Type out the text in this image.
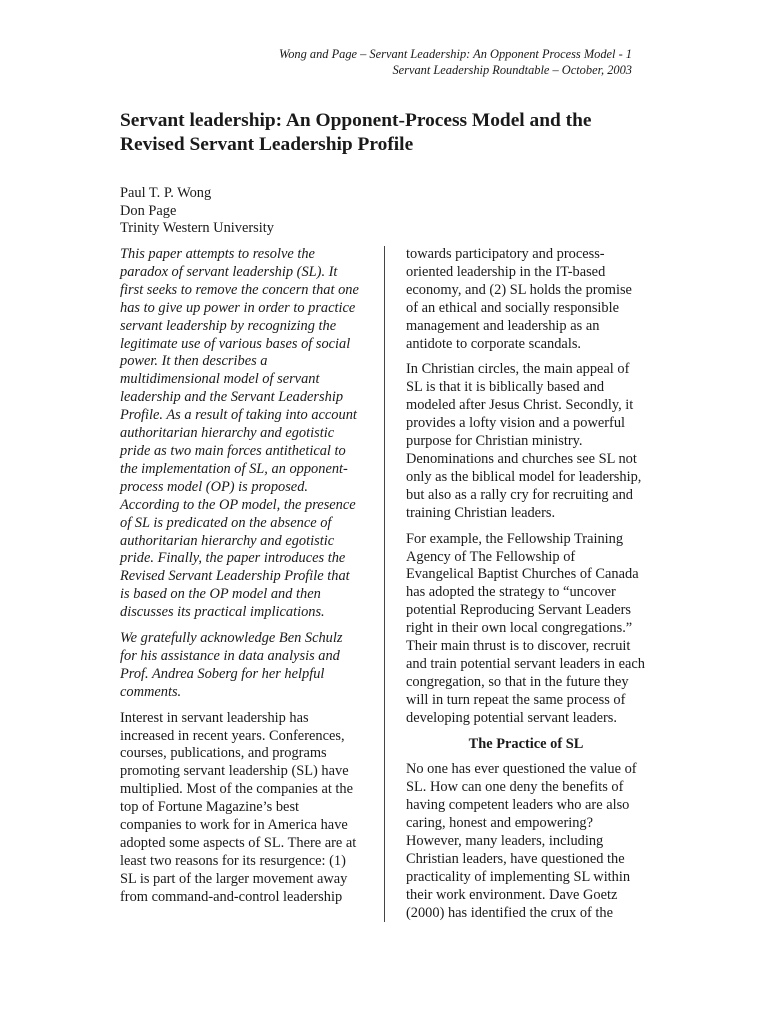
Wong and Page – Servant Leadership: An Opponent Process Model - 1
Servant Leadership Roundtable – October, 2003
Servant leadership: An Opponent-Process Model and the Revised Servant Leadership Profile
Paul T. P. Wong
Don Page
Trinity Western University

This paper attempts to resolve the paradox of servant leadership (SL). It first seeks to remove the concern that one has to give up power in order to practice servant leadership by recognizing the legitimate use of various bases of social power. It then describes a multidimensional model of servant leadership and the Servant Leadership Profile. As a result of taking into account authoritarian hierarchy and egotistic pride as two main forces antithetical to the implementation of SL, an opponent-process model (OP) is proposed. According to the OP model, the presence of SL is predicated on the absence of authoritarian hierarchy and egotistic pride. Finally, the paper introduces the Revised Servant Leadership Profile that is based on the OP model and then discusses its practical implications.

We gratefully acknowledge Ben Schulz for his assistance in data analysis and Prof. Andrea Soberg for her helpful comments.

Interest in servant leadership has increased in recent years. Conferences, courses, publications, and programs promoting servant leadership (SL) have multiplied. Most of the companies at the top of Fortune Magazine’s best companies to work for in America have adopted some aspects of SL. There are at least two reasons for its resurgence: (1) SL is part of the larger movement away from command-and-control leadership

towards participatory and process-oriented leadership in the IT-based economy, and (2) SL holds the promise of an ethical and socially responsible management and leadership as an antidote to corporate scandals.

In Christian circles, the main appeal of SL is that it is biblically based and modeled after Jesus Christ. Secondly, it provides a lofty vision and a powerful purpose for Christian ministry. Denominations and churches see SL not only as the biblical model for leadership, but also as a rally cry for recruiting and training Christian leaders.

For example, the Fellowship Training Agency of The Fellowship of Evangelical Baptist Churches of Canada has adopted the strategy to “uncover potential Reproducing Servant Leaders right in their own local congregations.” Their main thrust is to discover, recruit and train potential servant leaders in each congregation, so that in the future they will in turn repeat the same process of developing potential servant leaders.

The Practice of SL

No one has ever questioned the value of SL. How can one deny the benefits of having competent leaders who are also caring, honest and empowering? However, many leaders, including Christian leaders, have questioned the practicality of implementing SL within their work environment. Dave Goetz (2000) has identified the crux of the
